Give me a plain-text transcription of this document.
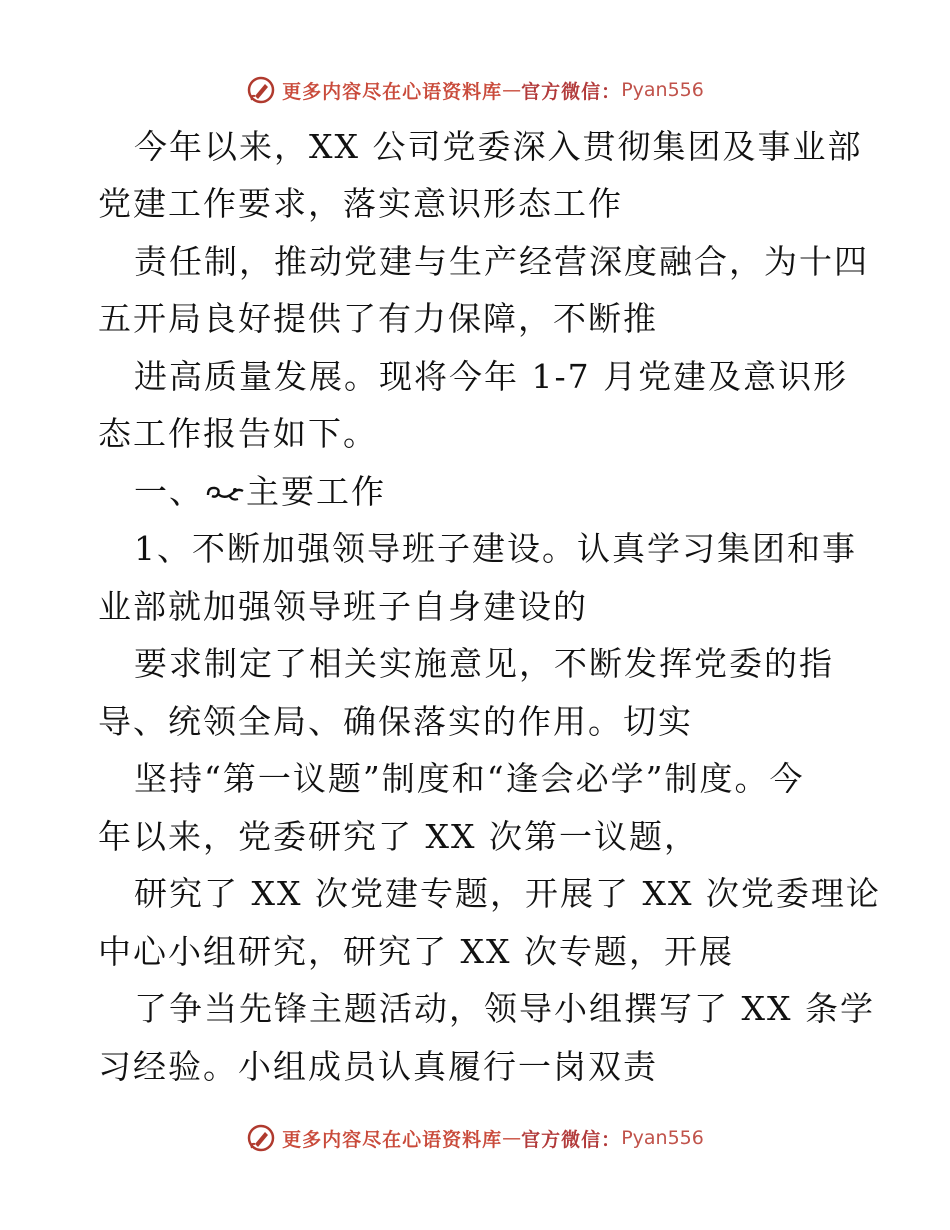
更多内容尽在心语资料库 — 官方微信： Pyan556
今年以来，XX 公司党委深入贯彻集团及事业部
党建工作要求，落实意识形态工作
责任制，推动党建与生产经营深度融合，为十四
五开局良好提供了有力保障，不断推
进高质量发展。现将今年 1-7 月党建及意识形
态工作报告如下。
一、 主要工作
1、不断加强领导班子建设。认真学习集团和事
业部就加强领导班子自身建设的
要求制定了相关实施意见，不断发挥党委的指
导、统领全局、确保落实的作用。切实
坚持“第一议题”制度和“逢会必学”制度。今
年以来，党委研究了 XX 次第一议题，
研究了 XX 次党建专题，开展了 XX 次党委理论
中心小组研究，研究了 XX 次专题，开展
了争当先锋主题活动，领导小组撰写了 XX 条学
习经验。小组成员认真履行一岗双责
更多内容尽在心语资料库 — 官方微信： Pyan556
